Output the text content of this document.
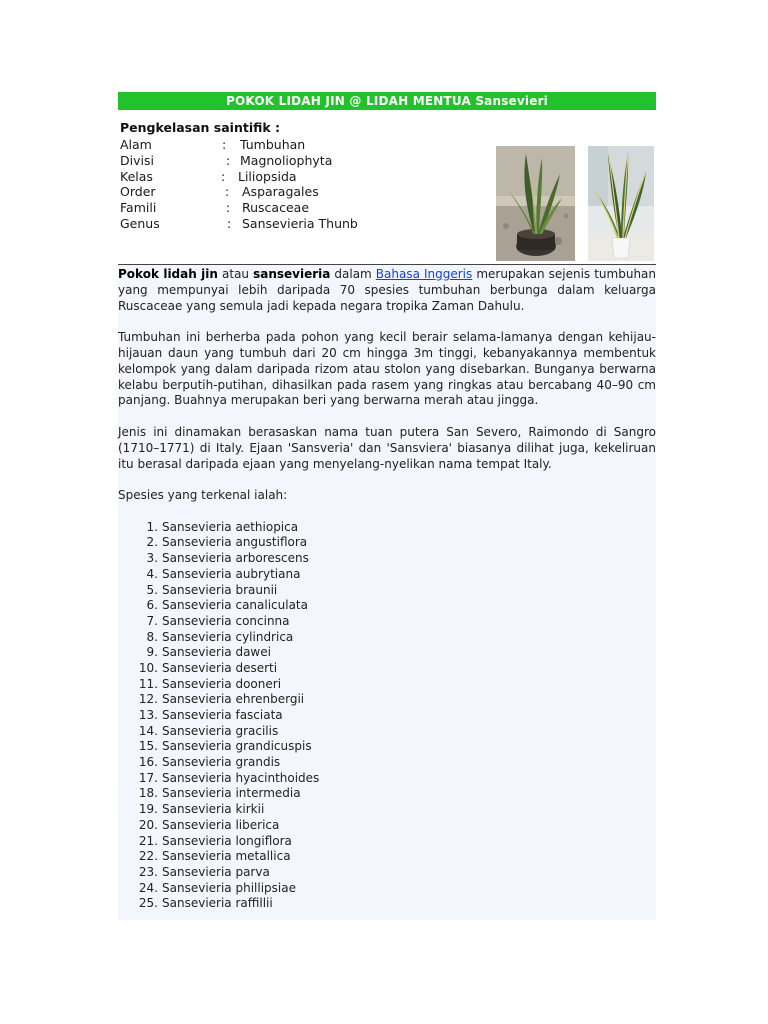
POKOK LIDAH JIN @ LIDAH MENTUA Sansevieri
Pengkelasan saintifik :
Alam	: Tumbuhan
Divisi	: Magnoliophyta
Kelas	: Liliopsida
Order	: Asparagales
Famili	: Ruscaceae
Genus	: Sansevieria Thunb

Pokok lidah jin atau sansevieria dalam Bahasa Inggeris merupakan sejenis tumbuhan yang mempunyai lebih daripada 70 spesies tumbuhan berbunga dalam keluarga Ruscaceae yang semula jadi kepada negara tropika Zaman Dahulu.

Tumbuhan ini berherba pada pohon yang kecil berair selama-lamanya dengan kehijau-hijauan daun yang tumbuh dari 20 cm hingga 3m tinggi, kebanyakannya membentuk kelompok yang dalam daripada rizom atau stolon yang disebarkan. Bunganya berwarna kelabu berputih-putihan, dihasilkan pada rasem yang ringkas atau bercabang 40–90 cm panjang. Buahnya merupakan beri yang berwarna merah atau jingga.

Jenis ini dinamakan berasaskan nama tuan putera San Severo, Raimondo di Sangro (1710–1771) di Italy. Ejaan 'Sansveria' dan 'Sansviera' biasanya dilihat juga, kekeliruan itu berasal daripada ejaan yang menyelang-nyelikan nama tempat Italy.

Spesies yang terkenal ialah:

1. Sansevieria aethiopica
2. Sansevieria angustiflora
3. Sansevieria arborescens
4. Sansevieria aubrytiana
5. Sansevieria braunii
6. Sansevieria canaliculata
7. Sansevieria concinna
8. Sansevieria cylindrica
9. Sansevieria dawei
10. Sansevieria deserti
11. Sansevieria dooneri
12. Sansevieria ehrenbergii
13. Sansevieria fasciata
14. Sansevieria gracilis
15. Sansevieria grandicuspis
16. Sansevieria grandis
17. Sansevieria hyacinthoides
18. Sansevieria intermedia
19. Sansevieria kirkii
20. Sansevieria liberica
21. Sansevieria longiflora
22. Sansevieria metallica
23. Sansevieria parva
24. Sansevieria phillipsiae
25. Sansevieria raffillii
